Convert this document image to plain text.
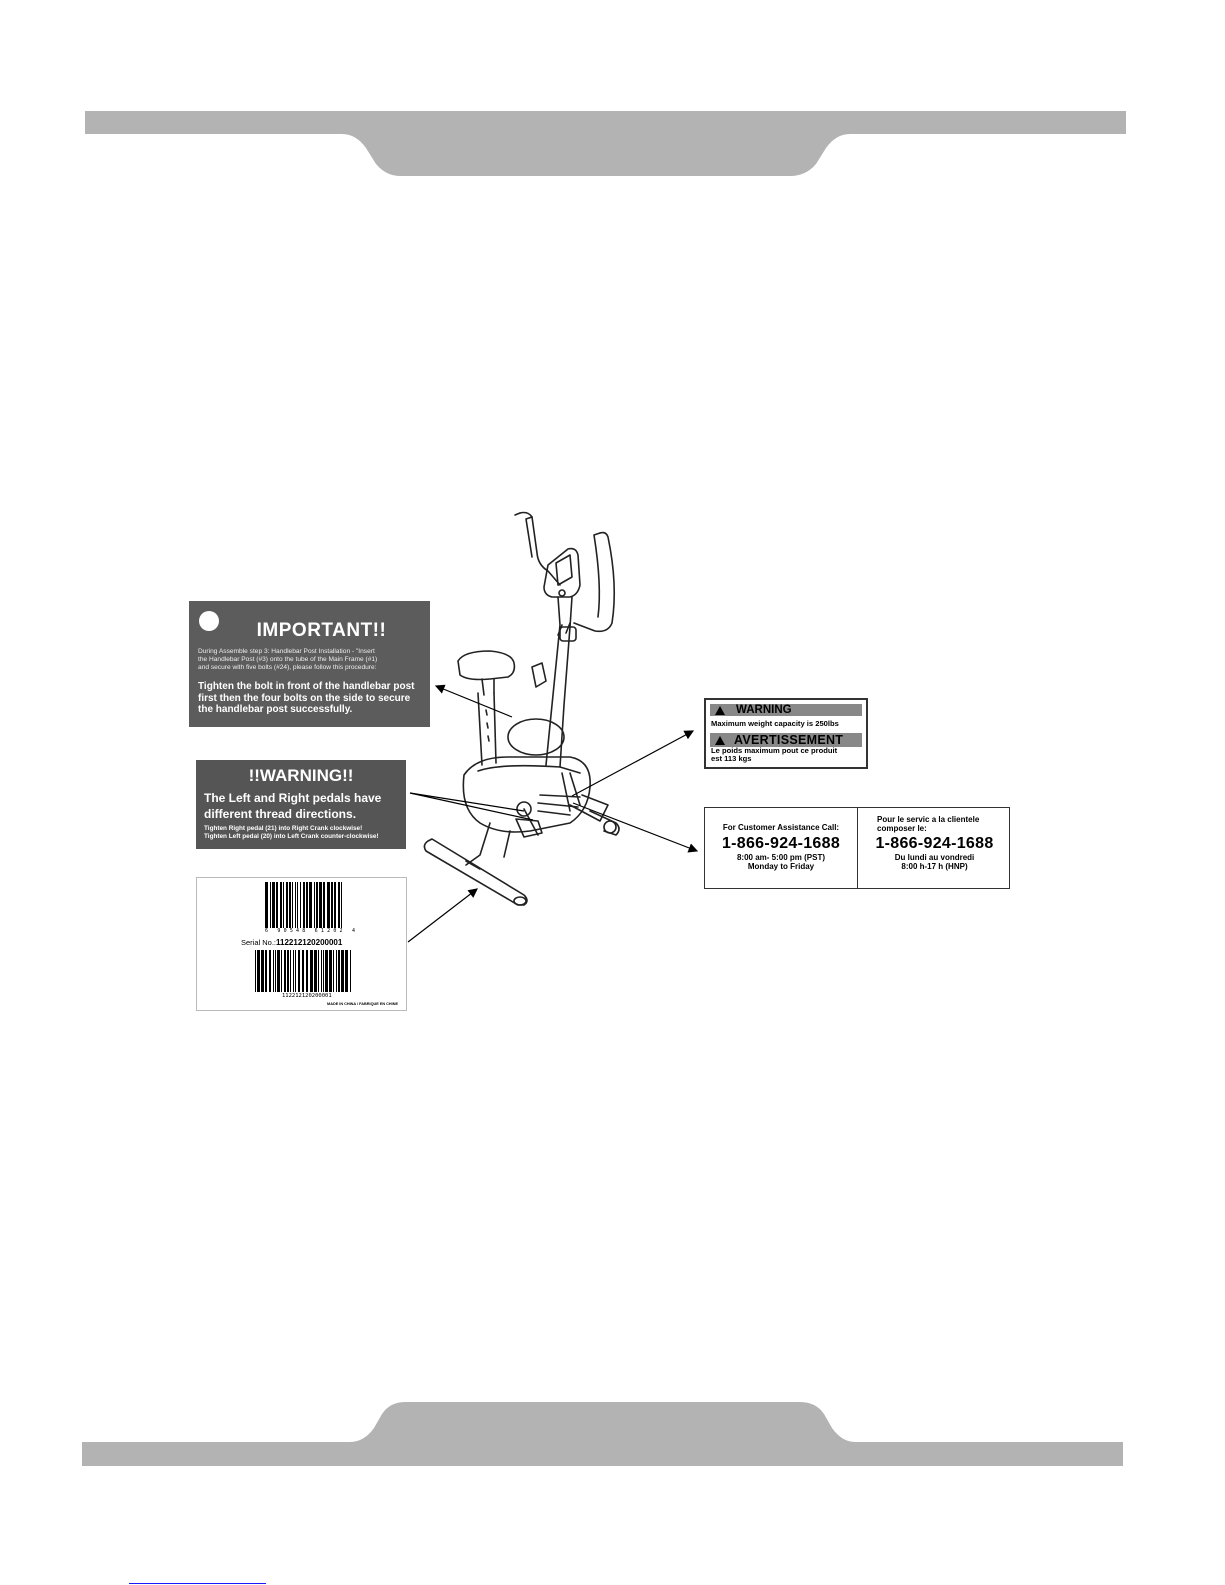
IMPORTANT!!
During Assemble step 3: Handlebar Post Installation - "Insert
the Handlebar Post (#3) onto the tube of the Main Frame (#1)
and secure with five bolts (#24), please follow this procedure:
Tighten the bolt in front of the handlebar post first then the four bolts on the side to secure the handlebar post successfully.
!!WARNING!!
The Left and Right pedals have
different thread directions.
Tighten Right pedal (21) into Right Crank clockwise!
Tighten Left pedal (20) into Left Crank counter-clockwise!
6 90548 61202 4
Serial No.:112212120200001
112212120200001
MADE IN CHINA / FABRIQUE EN CHINE
WARNING
Maximum weight capacity is 250lbs
AVERTISSEMENT
Le poids maximum pout ce produit
est 113 kgs
For Customer Assistance Call:
1-866-924-1688
8:00 am- 5:00 pm (PST)
Monday to Friday
Pour le servic a la clientele
composer le:
1-866-924-1688
Du lundi au vondredi
8:00 h-17 h (HNP)
